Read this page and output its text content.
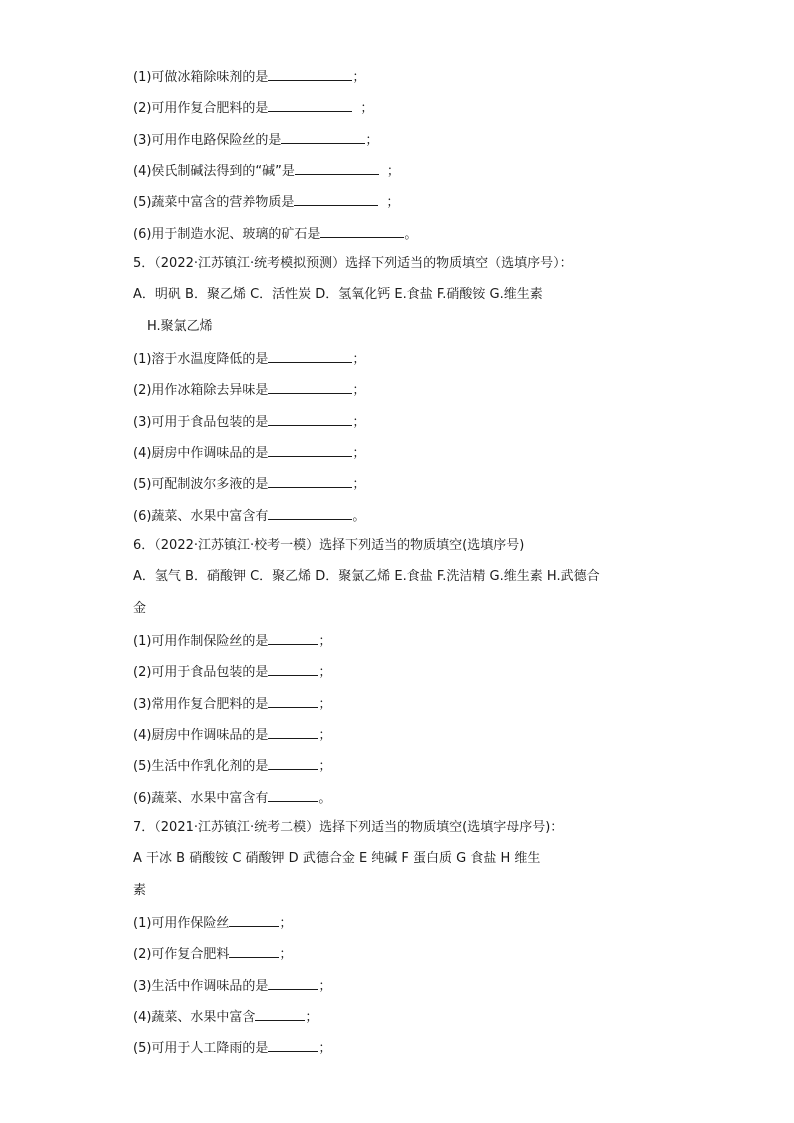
(1)可做冰箱除味剂的是	；
(2)可用作复合肥料的是	；
(3)可用作电路保险丝的是	；
(4)侯氏制碱法得到的“碱”是	；
(5)蔬菜中富含的营养物质是	；
(6)用于制造水泥、玻璃的矿石是	。
5．（2022·江苏镇江·统考模拟预测）选择下列适当的物质填空（选填序号）：
A．明矾 B．聚乙烯 C．活性炭 D．氢氧化钙 E.食盐 F.硝酸铵 G.维生素
H.聚氯乙烯
(1)溶于水温度降低的是	；
(2)用作冰箱除去异味是	；
(3)可用于食品包装的是	；
(4)厨房中作调味品的是	；
(5)可配制波尔多液的是	；
(6)蔬菜、水果中富含有	。
6．（2022·江苏镇江·校考一模）选择下列适当的物质填空(选填序号)
A．氢气 B．硝酸钾 C．聚乙烯 D．聚氯乙烯 E.食盐 F.洗洁精 G.维生素 H.武德合
金
(1)可用作制保险丝的是	；
(2)可用于食品包装的是	；
(3)常用作复合肥料的是	；
(4)厨房中作调味品的是	；
(5)生活中作乳化剂的是	；
(6)蔬菜、水果中富含有	。
7．（2021·江苏镇江·统考二模）选择下列适当的物质填空(选填字母序号)：
A 干冰 B 硝酸铵 C 硝酸钾 D 武德合金 E 纯碱 F 蛋白质 G 食盐 H 维生
素
(1)可用作保险丝	；
(2)可作复合肥料	；
(3)生活中作调味品的是	；
(4)蔬菜、水果中富含	；
(5)可用于人工降雨的是	；
